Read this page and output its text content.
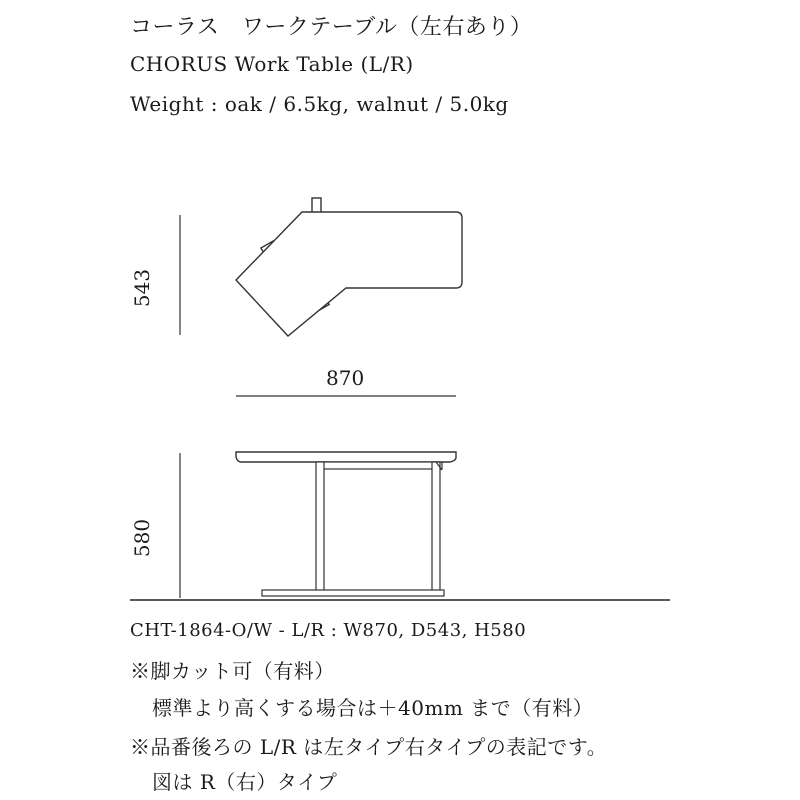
コーラス　ワークテーブル（左右あり）
CHORUS Work Table (L/R)
Weight : oak / 6.5kg, walnut / 5.0kg
543
870
580
CHT-1864-O/W - L/R : W870, D543, H580
※脚カット可（有料）
標準より高くする場合は＋40mm まで（有料）
※品番後ろの L/R は左タイプ右タイプの表記です。
図は R（右）タイプ
